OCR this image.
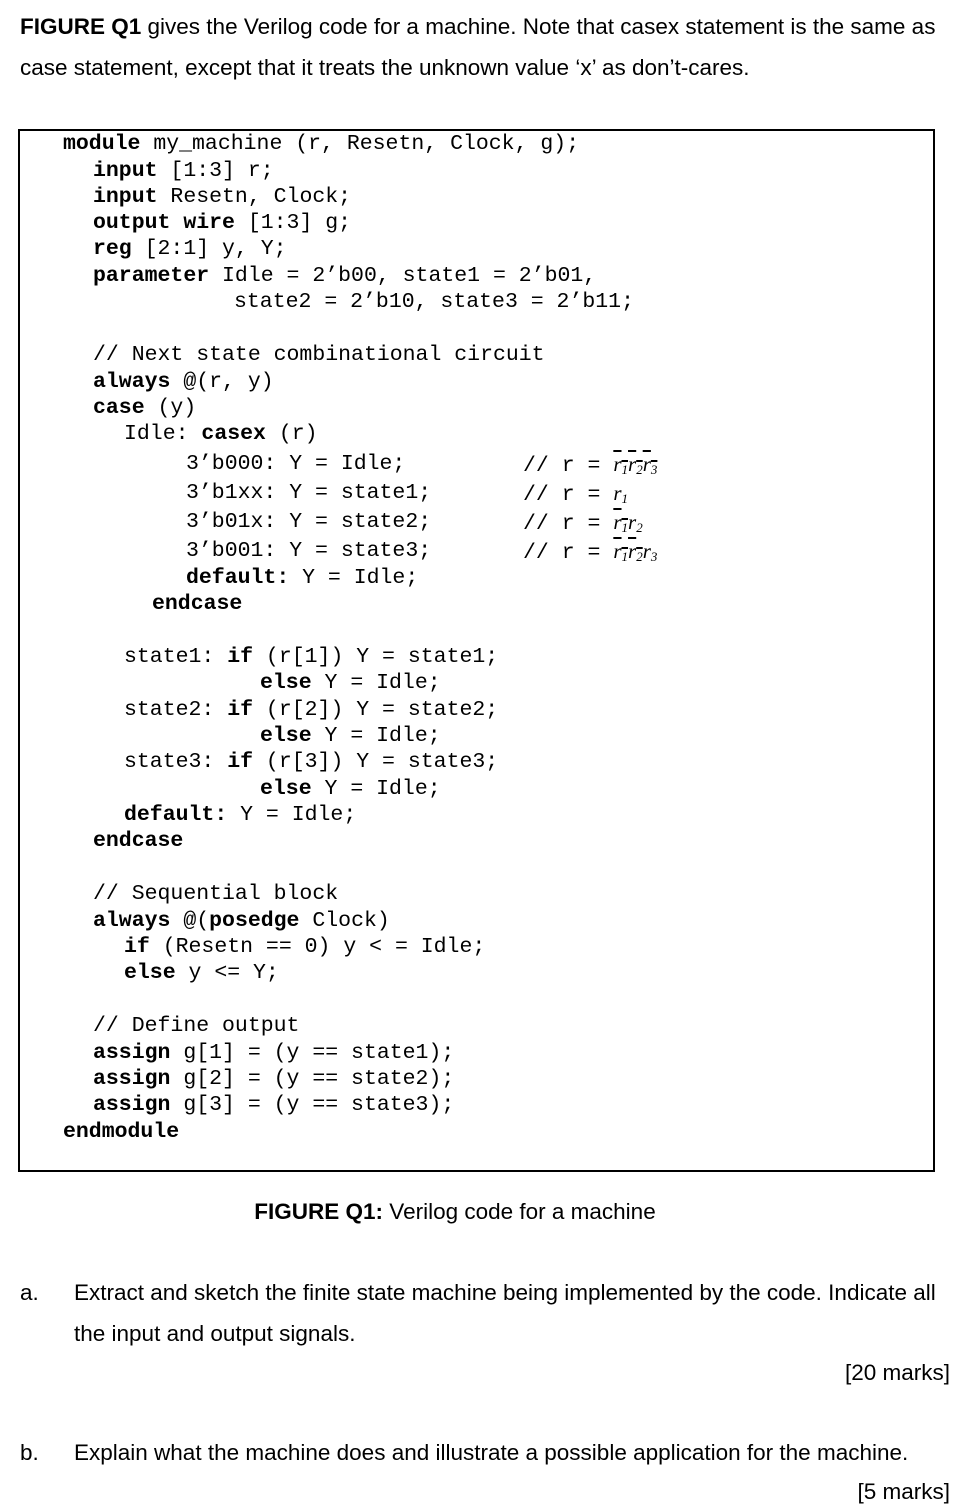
FIGURE Q1 gives the Verilog code for a machine. Note that casex statement is the same as case statement, except that it treats the unknown value ‘x’ as don’t-cares.
module my_machine (r, Resetn, Clock, g);
input [1:3] r;
input Resetn, Clock;
output wire [1:3] g;
reg [2:1] y, Y;
parameter Idle = 2’b00, state1 = 2’b01,
state2 = 2’b10, state3 = 2’b11;
// Next state combinational circuit
always @(r, y)
case (y)
Idle: casex (r)
3’b000: Y = Idle;
3’b1xx: Y = state1;
3’b01x: Y = state2;
3’b001: Y = state3;
// $r = r_1r_2r_3$
// $r = r_1$
// $r = r_1r_2$
// $r = r_1r_2r_3$
default: Y = Idle;
endcase
state1: if (r[1]) Y = state1;
else Y = Idle;
state2: if (r[2]) Y = state2;
else Y = Idle;
state3: if (r[3]) Y = state3;
else Y = Idle;
default: Y = Idle;
endcase
// Sequential block
always @(posedge Clock)
if (Resetn == 0) y < = Idle;
else y <= Y;
// Define output
assign g[1] = (y == state1);
assign g[2] = (y == state2);
assign g[3] = (y == state3);
endmodule
FIGURE Q1: Verilog code for a machine
a. Extract and sketch the finite state machine being implemented by the code. Indicate all the input and output signals.
[20 marks]
b. Explain what the machine does and illustrate a possible application for the machine.
[5 marks]
